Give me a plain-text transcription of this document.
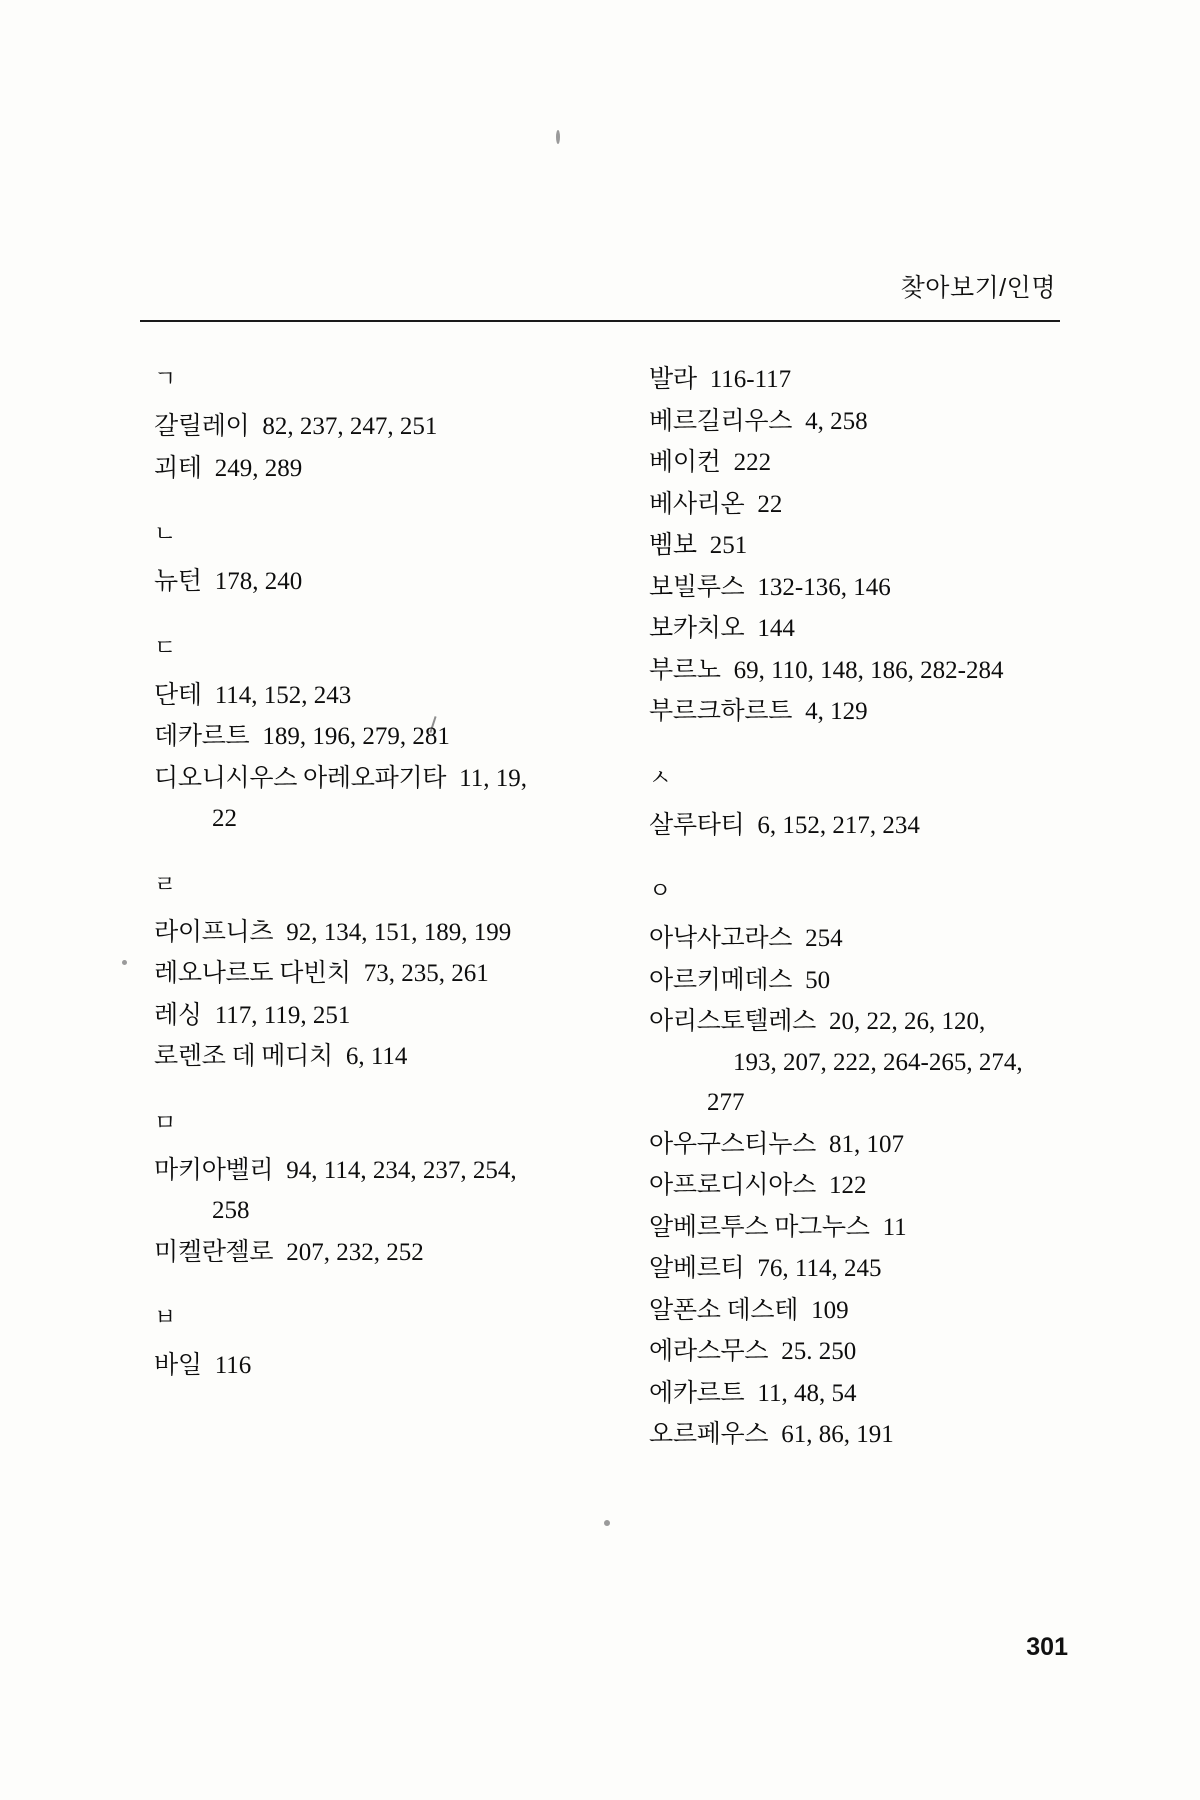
찾아보기/인명
ㄱ
갈릴레이 82, 237, 247, 251
괴테 249, 289
ㄴ
뉴턴 178, 240
ㄷ
단테 114, 152, 243
데카르트 189, 196, 279, 281
디오니시우스 아레오파기타 11, 19,
22
ㄹ
라이프니츠 92, 134, 151, 189, 199
레오나르도 다빈치 73, 235, 261
레싱 117, 119, 251
로렌조 데 메디치 6, 114
ㅁ
마키아벨리 94, 114, 234, 237, 254,
258
미켈란젤로 207, 232, 252
ㅂ
바일 116
발라 116-117
베르길리우스 4, 258
베이컨 222
베사리온 22
벰보 251
보빌루스 132-136, 146
보카치오 144
부르노 69, 110, 148, 186, 282-284
부르크하르트 4, 129
ㅅ
살루타티 6, 152, 217, 234
ㅇ
아낙사고라스 254
아르키메데스 50
아리스토텔레스 20, 22, 26, 120,
193, 207, 222, 264-265, 274,
277
아우구스티누스 81, 107
아프로디시아스 122
알베르투스 마그누스 11
알베르티 76, 114, 245
알폰소 데스테 109
에라스무스 25. 250
에카르트 11, 48, 54
오르페우스 61, 86, 191
301
